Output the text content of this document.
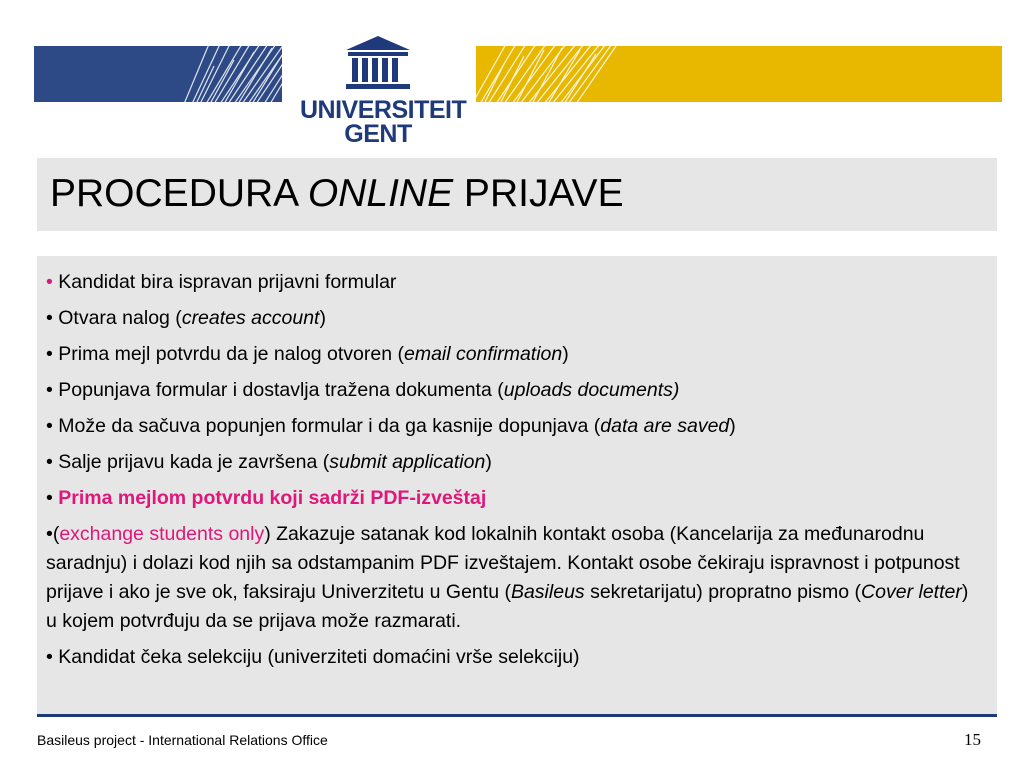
UNIVERSITEIT
GENT
PROCEDURA ONLINE PRIJAVE
• Kandidat bira ispravan prijavni formular
• Otvara nalog (creates account)
• Prima mejl potvrdu da je nalog otvoren (email confirmation)
• Popunjava formular i dostavlja tražena dokumenta (uploads documents)
• Može da sačuva popunjen formular i da ga kasnije dopunjava (data are saved)
• Salje prijavu kada je završena (submit application)
• Prima mejlom potvrdu koji sadrži PDF-izveštaj
•(exchange students only) Zakazuje satanak kod lokalnih kontakt osoba (Kancelarija za međunarodnu saradnju) i dolazi kod njih sa odstampanim PDF izveštajem. Kontakt osobe čekiraju ispravnost i potpunost prijave i ako je sve ok, faksiraju Univerzitetu u Gentu (Basileus sekretarijatu) propratno pismo (Cover letter) u kojem potvrđuju da se prijava može razmarati.
• Kandidat čeka selekciju (univerziteti domaćini vrše selekciju)
Basileus project - International Relations Office	15
